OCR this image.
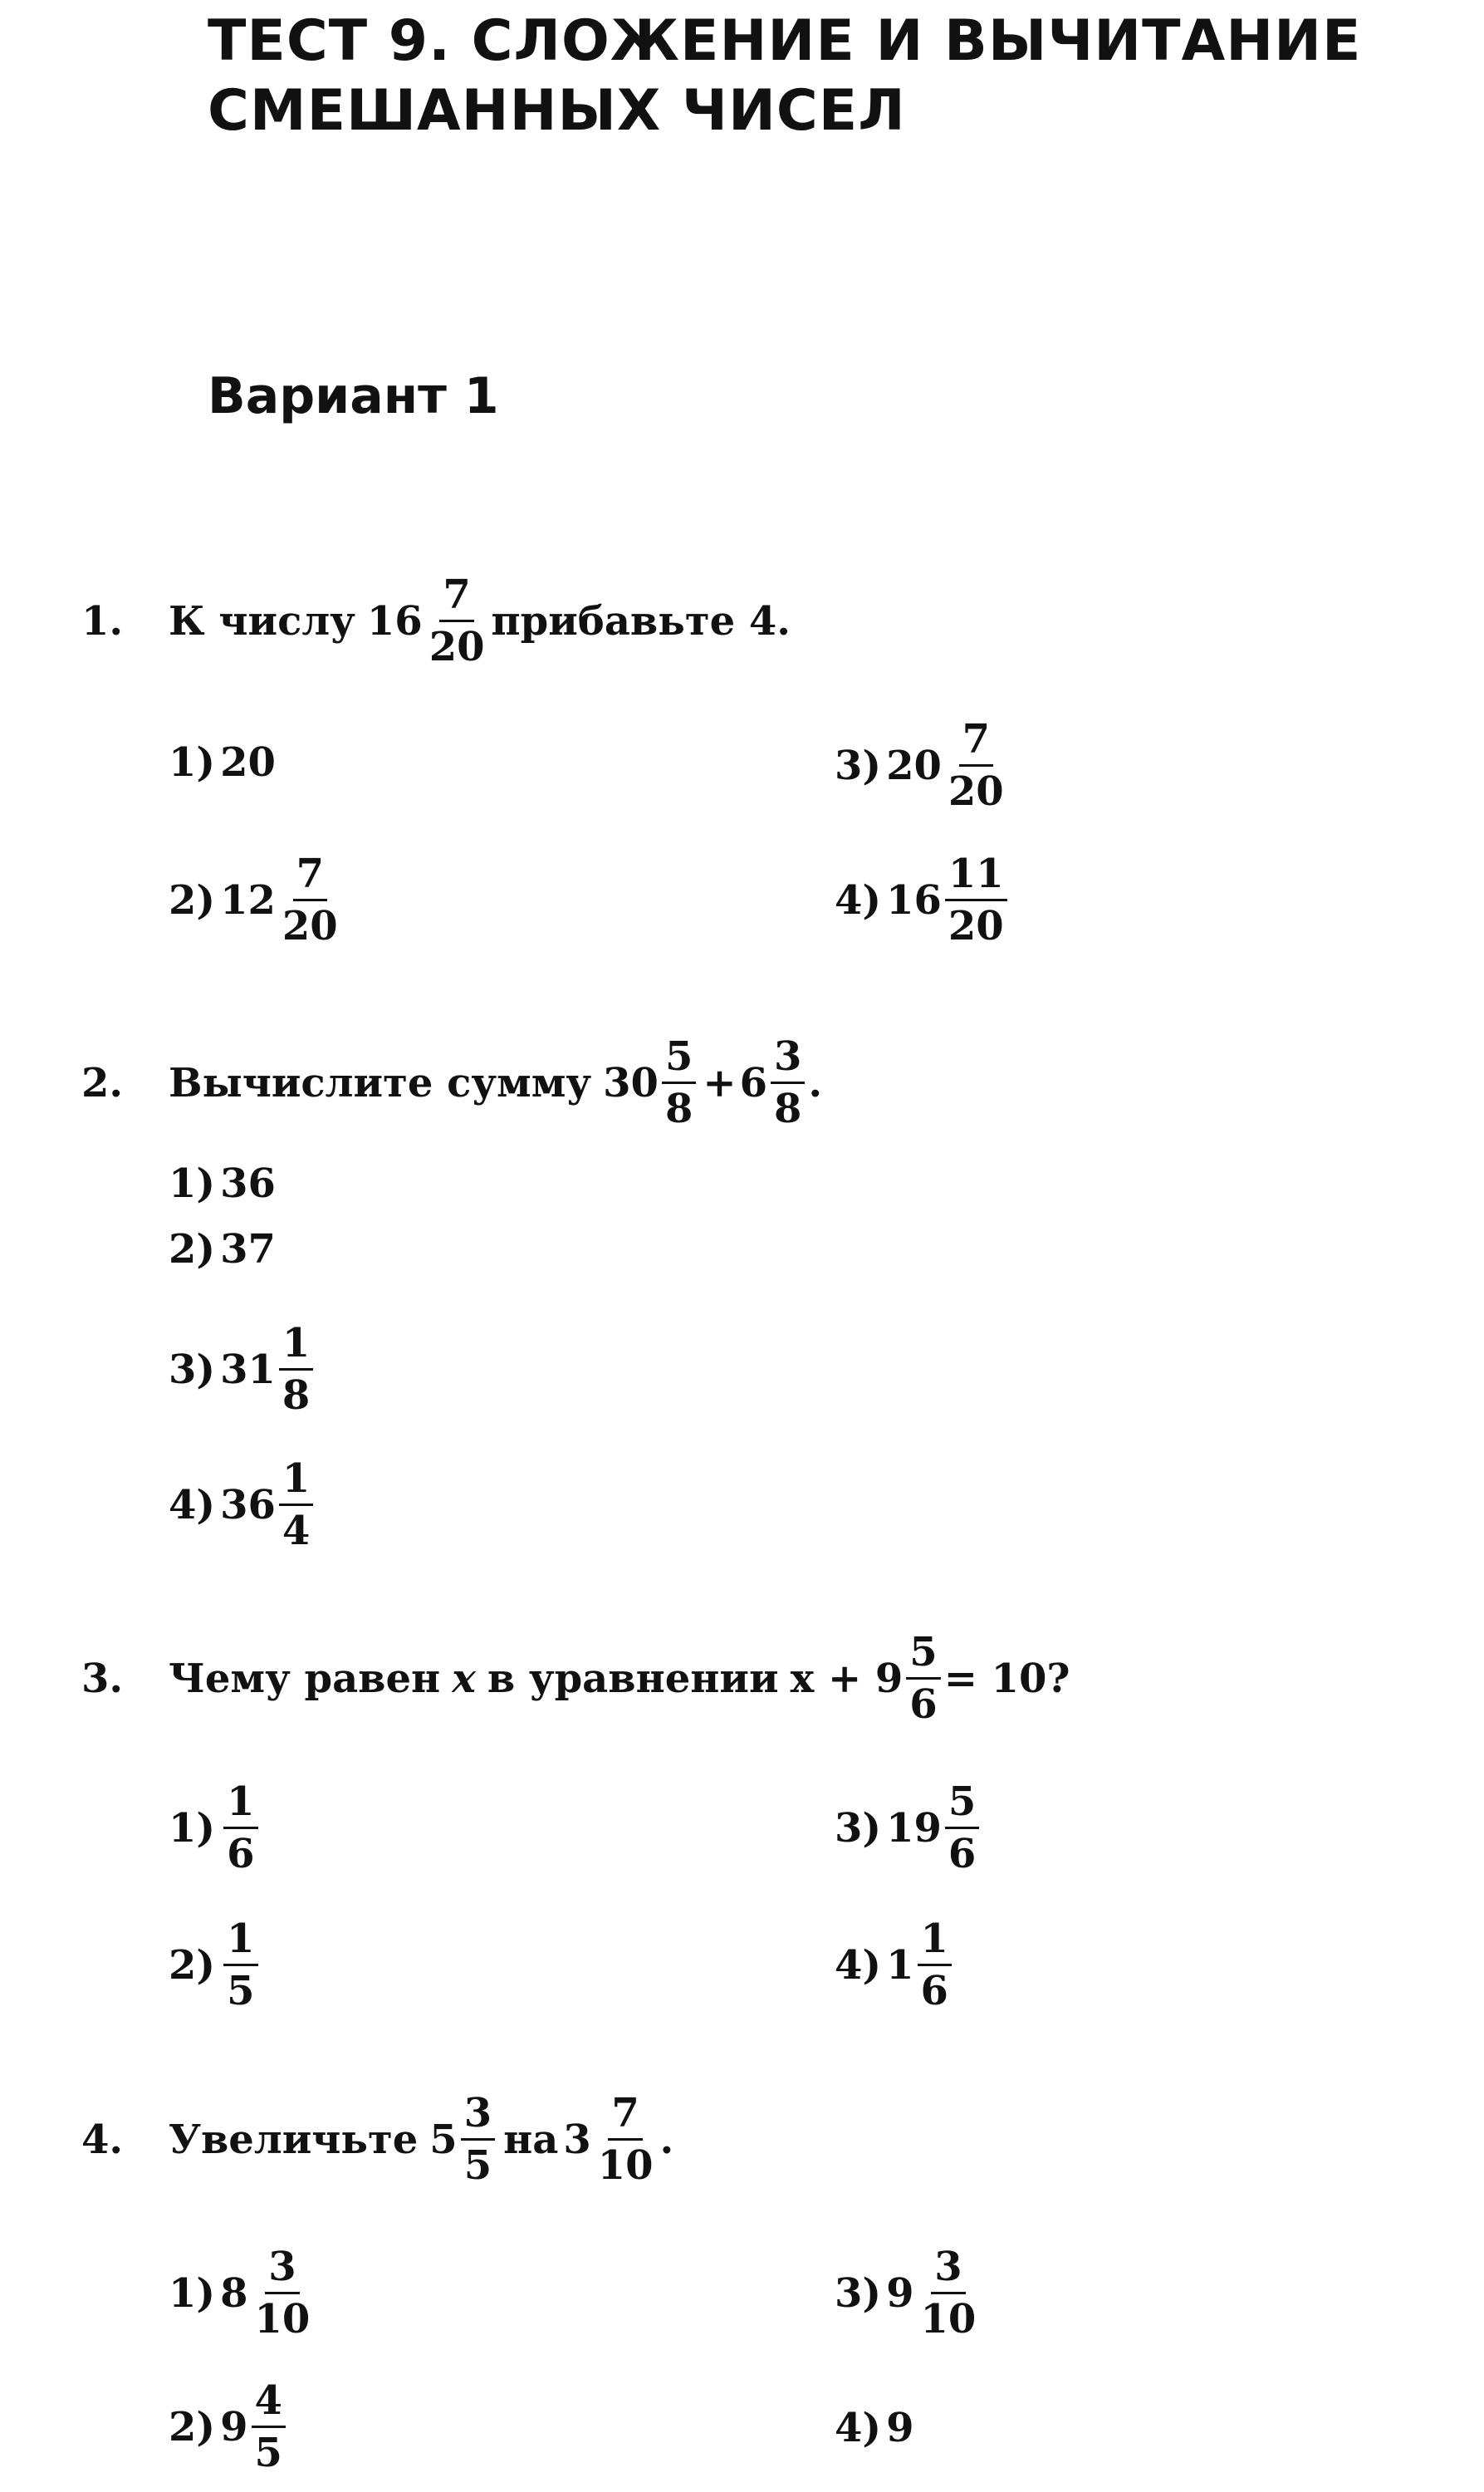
ТЕСТ 9. СЛОЖЕНИЕ И ВЫЧИТАНИЕ
СМЕШАННЫХ ЧИСЕЛ
Вариант 1
1.	К числу $16 \frac{7}{20}$ прибавьте 4.
1) 20
2) $12 \frac{7}{20}$
3) $20 \frac{7}{20}$
4) $16 \frac{11}{20}$
2.	Вычислите сумму $30 \frac{5}{8} + 6 \frac{3}{8}$ .
1) 36
2) 37
3) $31 \frac{1}{8}$
4) $36 \frac{1}{4}$
3.	Чему равен x в уравнении $x + 9 \frac{5}{6} = 10$?
$1) \frac{1}{6}$
$2) \frac{1}{5}$
3) $19 \frac{5}{6}$
4) $1 \frac{1}{6}$
4.	Увеличьте $5 \frac{3}{5}$ на $3 \frac{7}{10}$ .
1) $8 \frac{3}{10}$
2) $9 \frac{4}{5}$
3) $9 \frac{3}{10}$
4) 9
